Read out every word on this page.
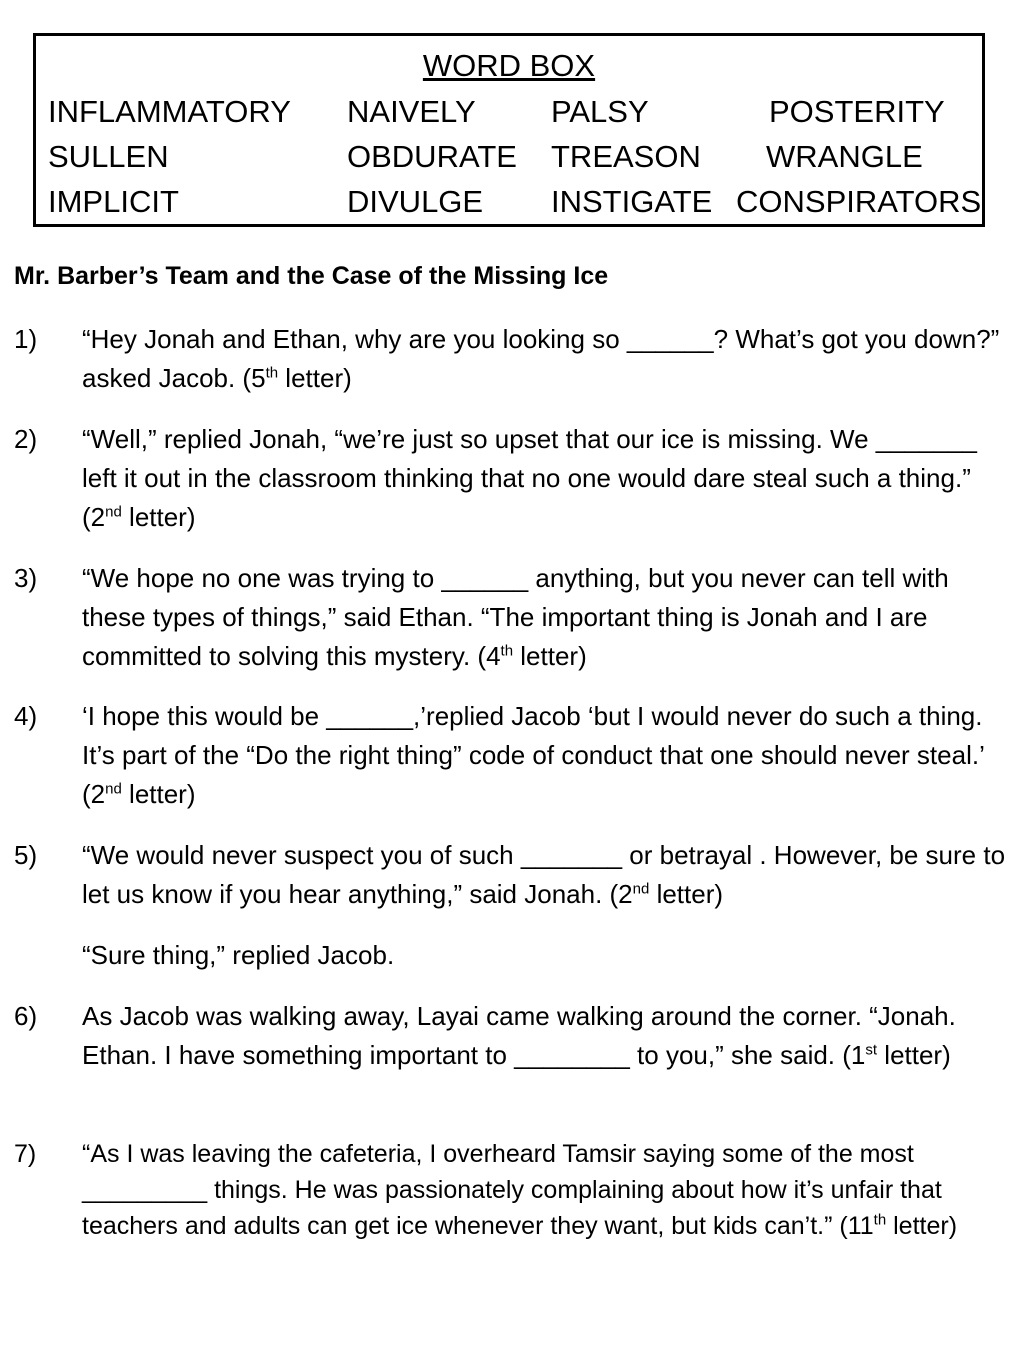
WORD BOX
INFLAMMATORY NAIVELY PALSY	POSTERITY
SULLEN	OBDURATE TREASON WRANGLE
IMPLICIT	DIVULGE INSTIGATE CONSPIRATORS
Mr. Barber’s Team and the Case of the Missing Ice
1) “Hey Jonah and Ethan, why are you looking so ______? What’s got you down?” asked Jacob. (5th letter)
2) “Well,” replied Jonah, “we’re just so upset that our ice is missing. We _______ left it out in the classroom thinking that no one would dare steal such a thing.” (2nd letter)
3) “We hope no one was trying to ______ anything, but you never can tell with these types of things,” said Ethan. “The important thing is Jonah and I are committed to solving this mystery. (4th letter)
4) ‘I hope this would be ______,’replied Jacob ‘but I would never do such a thing. It’s part of the “Do the right thing” code of conduct that one should never steal.’ (2nd letter)
5) “We would never suspect you of such _______ or betrayal . However, be sure to let us know if you hear anything,” said Jonah. (2nd letter)
“Sure thing,” replied Jacob.
6) As Jacob was walking away, Layai came walking around the corner. “Jonah. Ethan. I have something important to ________ to you,” she said. (1st letter)
7) “As I was leaving the cafeteria, I overheard Tamsir saying some of the most _________ things. He was passionately complaining about how it’s unfair that teachers and adults can get ice whenever they want, but kids can’t.” (11th letter)
